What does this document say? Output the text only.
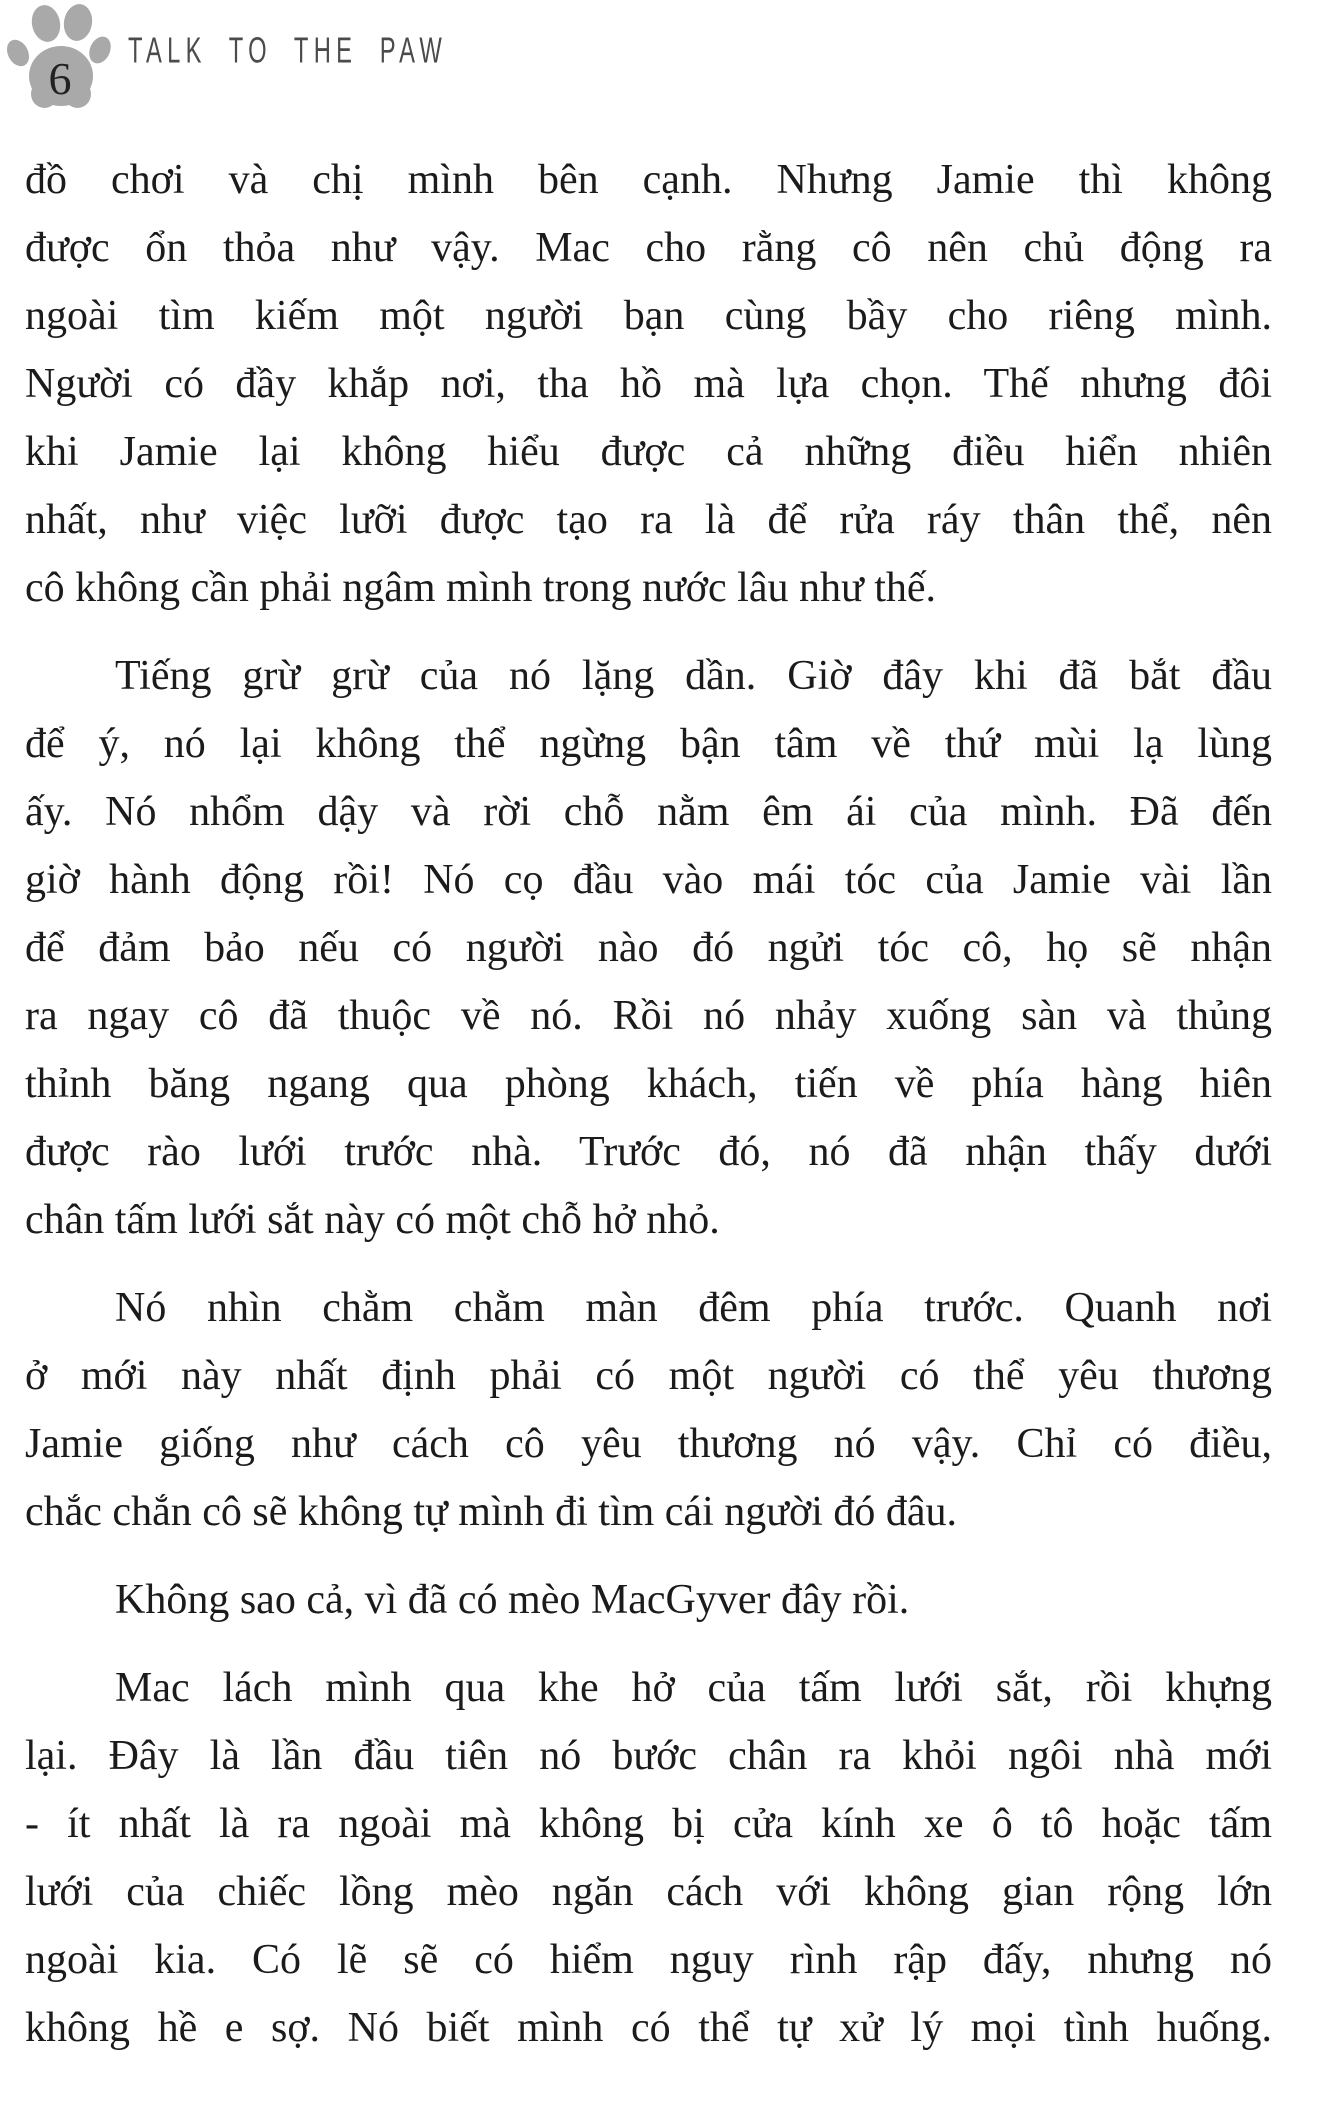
6
TALK TO THE PAW
đồ chơi và chị mình bên cạnh. Nhưng Jamie thì không
được ổn thỏa như vậy. Mac cho rằng cô nên chủ động ra
ngoài tìm kiếm một người bạn cùng bầy cho riêng mình.
Người có đầy khắp nơi, tha hồ mà lựa chọn. Thế nhưng đôi
khi Jamie lại không hiểu được cả những điều hiển nhiên
nhất, như việc lưỡi được tạo ra là để rửa ráy thân thể, nên
cô không cần phải ngâm mình trong nước lâu như thế.
Tiếng grừ grừ của nó lặng dần. Giờ đây khi đã bắt đầu
để ý, nó lại không thể ngừng bận tâm về thứ mùi lạ lùng
ấy. Nó nhổm dậy và rời chỗ nằm êm ái của mình. Đã đến
giờ hành động rồi! Nó cọ đầu vào mái tóc của Jamie vài lần
để đảm bảo nếu có người nào đó ngửi tóc cô, họ sẽ nhận
ra ngay cô đã thuộc về nó. Rồi nó nhảy xuống sàn và thủng
thỉnh băng ngang qua phòng khách, tiến về phía hàng hiên
được rào lưới trước nhà. Trước đó, nó đã nhận thấy dưới
chân tấm lưới sắt này có một chỗ hở nhỏ.
Nó nhìn chằm chằm màn đêm phía trước. Quanh nơi
ở mới này nhất định phải có một người có thể yêu thương
Jamie giống như cách cô yêu thương nó vậy. Chỉ có điều,
chắc chắn cô sẽ không tự mình đi tìm cái người đó đâu.
Không sao cả, vì đã có mèo MacGyver đây rồi.
Mac lách mình qua khe hở của tấm lưới sắt, rồi khựng
lại. Đây là lần đầu tiên nó bước chân ra khỏi ngôi nhà mới
- ít nhất là ra ngoài mà không bị cửa kính xe ô tô hoặc tấm
lưới của chiếc lồng mèo ngăn cách với không gian rộng lớn
ngoài kia. Có lẽ sẽ có hiểm nguy rình rập đấy, nhưng nó
không hề e sợ. Nó biết mình có thể tự xử lý mọi tình huống.
